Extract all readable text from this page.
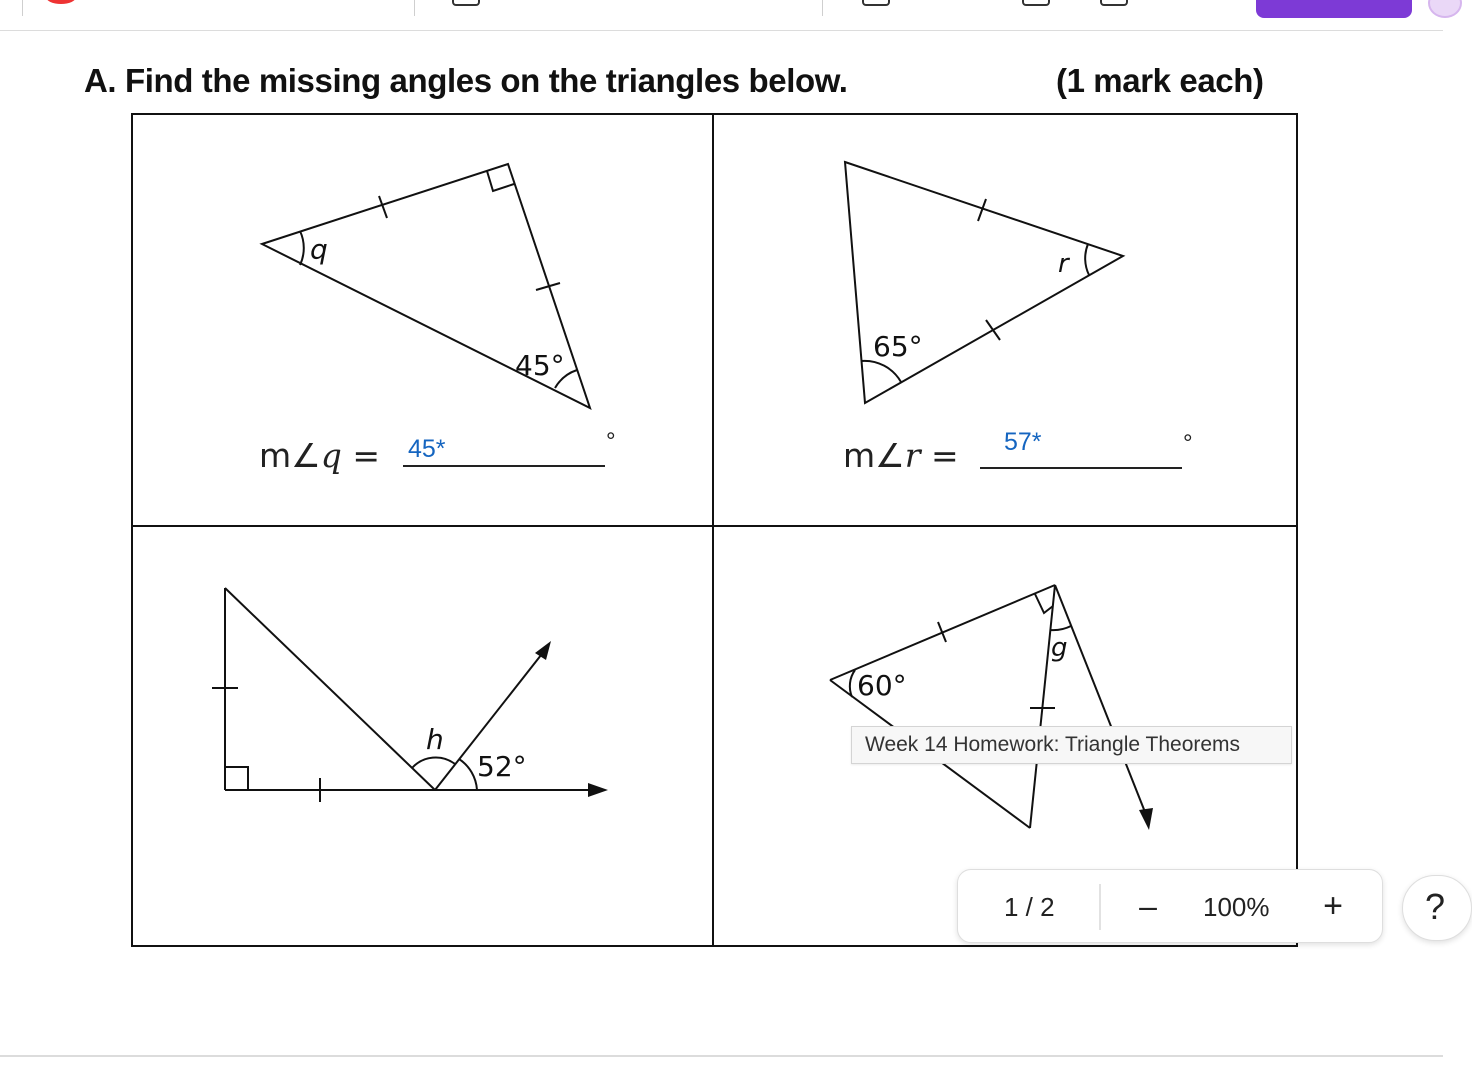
A. Find the missing angles on the triangles below.	(1 mark each)
q
45°
r
65°
h
52°
60°
g
m∠q = 45*	°	m∠r = 57*	°
Week 14 Homework: Triangle Theorems
1 / 2	– 100% +	?
